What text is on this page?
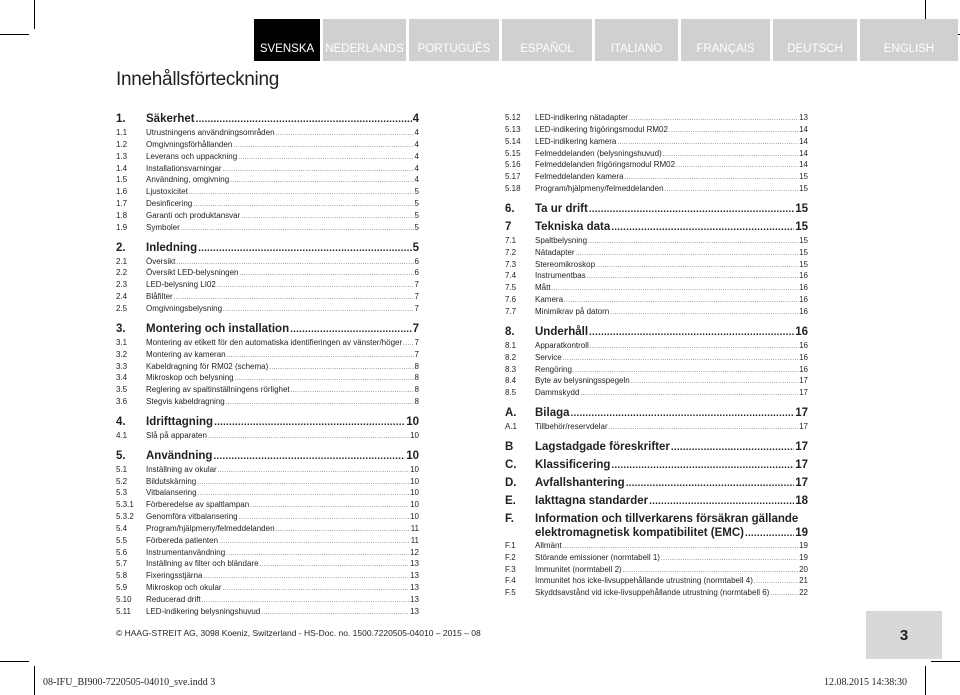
SVENSKA NEDERLANDS	PORTUGUÊS	ESPAÑOL	ITALIANO	FRANÇAIS	DEUTSCH	ENGLISH
Innehållsförteckning
1.	Säkerhet .....	4
1.1	Utrustningens användningsområden .....	4
1.2	Omgivningsförhållanden .....	4
1.3	Leverans och uppackning .....	4
1.4	Installationsvarningar .....	4
1.5	Användning, omgivning .....	4
1.6	Ljustoxicitet .....	5
1.7	Desinficering .....	5
1.8	Garanti och produktansvar .....	5
1.9	Symboler .....	5
2.	Inledning .....	5
2.1	Översikt .....	6
2.2	Översikt LED-belysningen .....	6
2.3	LED-belysning LI02 .....	7
2.4	Blåfilter .....	7
2.5	Omgivningsbelysning .....	7
3.	Montering och installation .....	7
3.1	Montering av etikett för den automatiska identifieringen av vänster/höger ..... 7
3.2	Montering av kameran .....	7
3.3	Kabeldragning för RM02 (schema) .....	8
3.4	Mikroskop och belysning .....	8
3.5	Reglering av spaltinställningens rörlighet .....	8
3.6	Stegvis kabeldragning .....	8
4.	Idrifttagning .....	10
4.1	Slå på apparaten .....	10
5.	Användning .....	10
5.1	Inställning av okular .....	10
5.2	Bildutskärning .....	10
5.3	Vitbalansering .....	10
5.3.1	Förberedelse av spaltlampan .....	10
5.3.2	Genomföra vitbalansering .....	10
5.4	Program/hjälpmeny/felmeddelanden .....	11
5.5	Förbereda patienten .....	11
5.6	Instrumentanvändning .....	12
5.7	Inställning av filter och bländare .....	13
5.8	Fixeringsstjärna .....	13
5.9	Mikroskop och okular .....	13
5.10	Reducerad drift .....	13
5.11	LED-indikering belysningshuvud .....	13
5.12	LED-indikering nätadapter .....	13
5.13	LED-indikering frigöringsmodul RM02 .....	14
5.14	LED-indikering kamera .....	14
5.15	Felmeddelanden (belysningshuvud) .....	14
5.16	Felmeddelanden frigöringsmodul RM02 .....	14
5.17	Felmeddelanden kamera .....	15
5.18	Program/hjälpmeny/felmeddelanden .....	15
6.	Ta ur drift .....	15
7	Tekniska data .....	15
7.1	Spaltbelysning .....	15
7.2	Nätadapter .....	15
7.3	Stereomikroskop .....	15
7.4	Instrumentbas .....	16
7.5	Mått .....	16
7.6	Kamera .....	16
7.7	Minimikrav på datorn .....	16
8.	Underhåll .....	16
8.1	Apparatkontroll .....	16
8.2	Service .....	16
8.3	Rengöring .....	16
8.4	Byte av belysningsspegeln .....	17
8.5	Dammskydd .....	17
A.	Bilaga .....	17
A.1	Tillbehör/reservdelar .....	17
B	Lagstadgade föreskrifter .....	17
C.	Klassificering .....	17
D.	Avfallshantering .....	17
E.	Iakttagna standarder .....	18
F.	Information och tillverkarens försäkran gällande
elektromagnetisk kompatibilitet (EMC) .....	19
F.1	Allmänt .....	19
F.2	Störande emissioner (normtabell 1) .....	19
F.3	Immunitet (normtabell 2) .....	20
F.4	Immunitet hos icke-livsuppehållande utrustning (normtabell 4) .....	21
F.5	Skyddsavstånd vid icke-livsuppehållande utrustning (normtabell 6) .....	22
© HAAG-STREIT AG, 3098 Koeniz, Switzerland - HS-Doc. no. 1500.7220505-04010 – 2015 – 08	3
08-IFU_BI900-7220505-04010_sve.indd 3	12.08.2015 14:38:30
